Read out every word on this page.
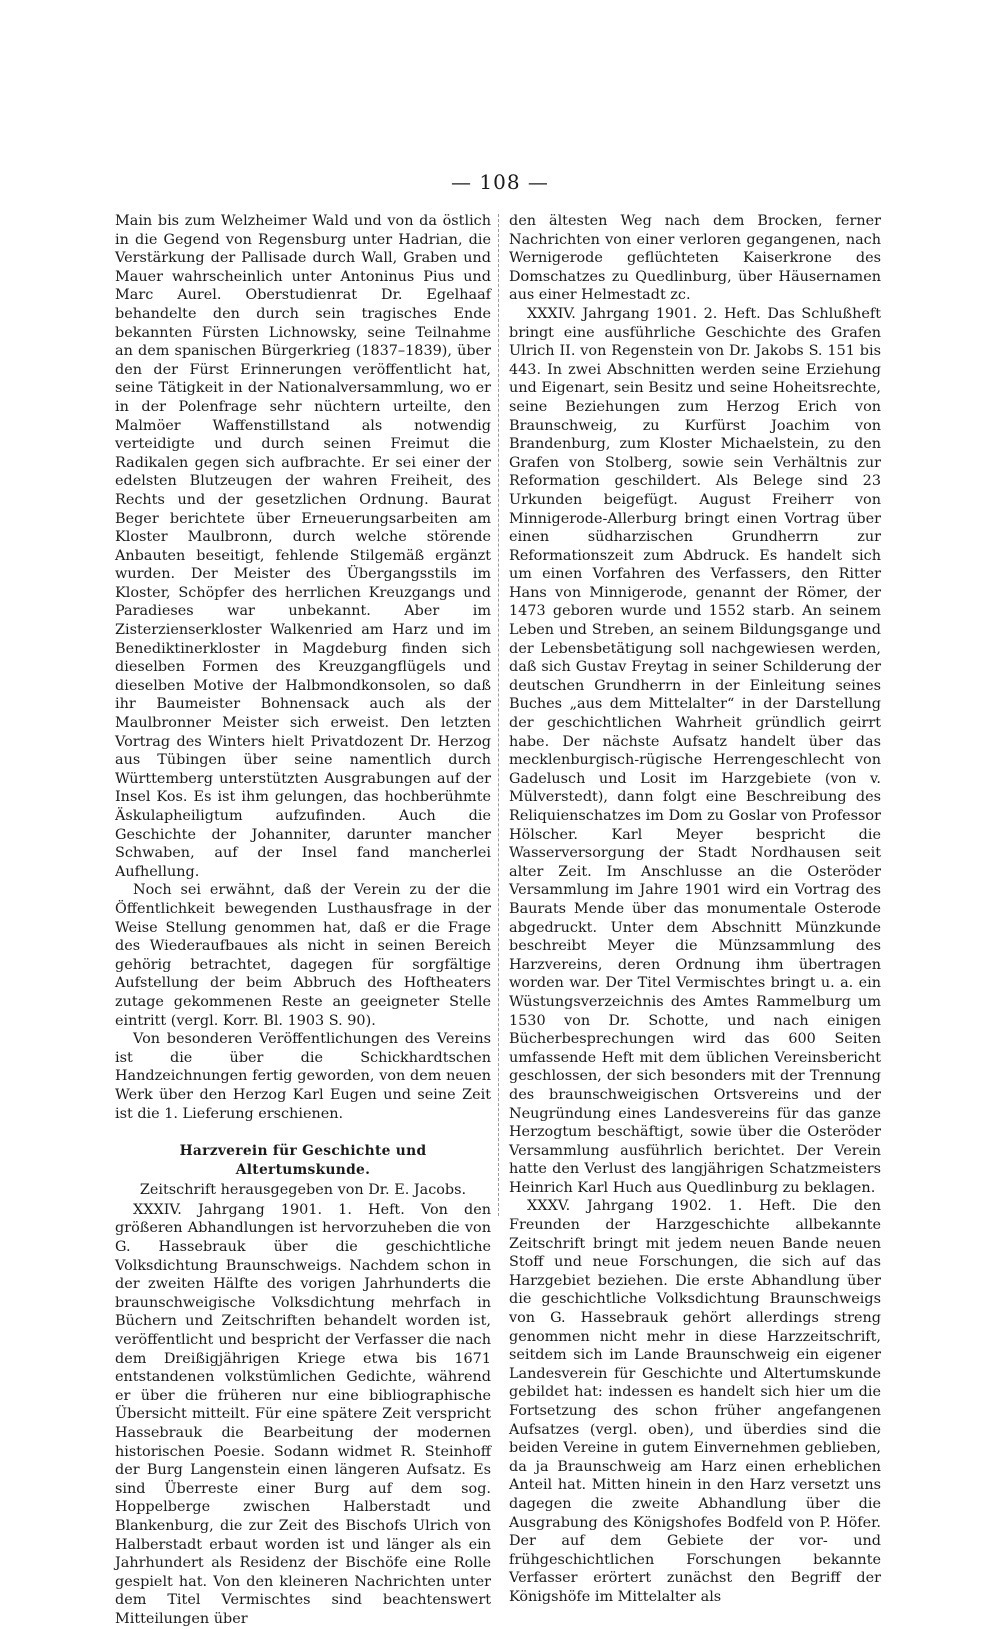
— 108 —

Main bis zum Welzheimer Wald und von da östlich in die Gegend von Regensburg unter Hadrian, die Verstärkung der Pallisade durch Wall, Graben und Mauer wahrscheinlich unter Antoninus Pius und Marc Aurel. Oberstudienrat Dr. Egelhaaf behandelte den durch sein tragisches Ende bekannten Fürsten Lichnowsky, seine Teilnahme an dem spanischen Bürgerkrieg (1837–1839), über den der Fürst Erinnerungen veröffentlicht hat, seine Tätigkeit in der Nationalversammlung, wo er in der Polenfrage sehr nüchtern urteilte, den Malmöer Waffenstillstand als notwendig verteidigte und durch seinen Freimut die Radikalen gegen sich aufbrachte. Er sei einer der edelsten Blutzeugen der wahren Freiheit, des Rechts und der gesetzlichen Ordnung. Baurat Beger berichtete über Erneuerungsarbeiten am Kloster Maulbronn, durch welche störende Anbauten beseitigt, fehlende Stilgemäß ergänzt wurden. Der Meister des Übergangsstils im Kloster, Schöpfer des herrlichen Kreuzgangs und Paradieses war unbekannt. Aber im Zisterzienserkloster Walkenried am Harz und im Benediktinerkloster in Magdeburg finden sich dieselben Formen des Kreuzgangflügels und dieselben Motive der Halbmondkonsolen, so daß ihr Baumeister Bohnensack auch als der Maulbronner Meister sich erweist. Den letzten Vortrag des Winters hielt Privatdozent Dr. Herzog aus Tübingen über seine namentlich durch Württemberg unterstützten Ausgrabungen auf der Insel Kos. Es ist ihm gelungen, das hochberühmte Äskulapheiligtum aufzufinden. Auch die Geschichte der Johanniter, darunter mancher Schwaben, auf der Insel fand mancherlei Aufhellung.

Noch sei erwähnt, daß der Verein zu der die Öffentlichkeit bewegenden Lusthausfrage in der Weise Stellung genommen hat, daß er die Frage des Wiederaufbaues als nicht in seinen Bereich gehörig betrachtet, dagegen für sorgfältige Aufstellung der beim Abbruch des Hoftheaters zutage gekommenen Reste an geeigneter Stelle eintritt (vergl. Korr. Bl. 1903 S. 90).

Von besonderen Veröffentlichungen des Vereins ist die über die Schickhardtschen Handzeichnungen fertig geworden, von dem neuen Werk über den Herzog Karl Eugen und seine Zeit ist die 1. Lieferung erschienen.

Harzverein für Geschichte und Altertumskunde.

Zeitschrift herausgegeben von Dr. E. Jacobs.

XXXIV. Jahrgang 1901. 1. Heft. Von den größeren Abhandlungen ist hervorzuheben die von G. Hassebrauk über die geschichtliche Volksdichtung Braunschweigs. Nachdem schon in der zweiten Hälfte des vorigen Jahrhunderts die braunschweigische Volksdichtung mehrfach in Büchern und Zeitschriften behandelt worden ist, veröffentlicht und bespricht der Verfasser die nach dem Dreißigjährigen Kriege etwa bis 1671 entstandenen volkstümlichen Gedichte, während er über die früheren nur eine bibliographische Übersicht mitteilt. Für eine spätere Zeit verspricht Hassebrauk die Bearbeitung der modernen historischen Poesie. Sodann widmet R. Steinhoff der Burg Langenstein einen längeren Aufsatz. Es sind Überreste einer Burg auf dem sog. Hoppelberge zwischen Halberstadt und Blankenburg, die zur Zeit des Bischofs Ulrich von Halberstadt erbaut worden ist und länger als ein Jahrhundert als Residenz der Bischöfe eine Rolle gespielt hat. Von den kleineren Nachrichten unter dem Titel Vermischtes sind beachtenswert Mitteilungen über

den ältesten Weg nach dem Brocken, ferner Nachrichten von einer verloren gegangenen, nach Wernigerode geflüchteten Kaiserkrone des Domschatzes zu Quedlinburg, über Häusernamen aus einer Helmestadt zc.

XXXIV. Jahrgang 1901. 2. Heft. Das Schlußheft bringt eine ausführliche Geschichte des Grafen Ulrich II. von Regenstein von Dr. Jakobs S. 151 bis 443. In zwei Abschnitten werden seine Erziehung und Eigenart, sein Besitz und seine Hoheitsrechte, seine Beziehungen zum Herzog Erich von Braunschweig, zu Kurfürst Joachim von Brandenburg, zum Kloster Michaelstein, zu den Grafen von Stolberg, sowie sein Verhältnis zur Reformation geschildert. Als Belege sind 23 Urkunden beigefügt. August Freiherr von Minnigerode-Allerburg bringt einen Vortrag über einen südharzischen Grundherrn zur Reformationszeit zum Abdruck. Es handelt sich um einen Vorfahren des Verfassers, den Ritter Hans von Minnigerode, genannt der Römer, der 1473 geboren wurde und 1552 starb. An seinem Leben und Streben, an seinem Bildungsgange und der Lebensbetätigung soll nachgewiesen werden, daß sich Gustav Freytag in seiner Schilderung der deutschen Grundherrn in der Einleitung seines Buches „aus dem Mittelalter“ in der Darstellung der geschichtlichen Wahrheit gründlich geirrt habe. Der nächste Aufsatz handelt über das mecklenburgisch-rügische Herrengeschlecht von Gadelusch und Losit im Harzgebiete (von v. Mülverstedt), dann folgt eine Beschreibung des Reliquienschatzes im Dom zu Goslar von Professor Hölscher. Karl Meyer bespricht die Wasserversorgung der Stadt Nordhausen seit alter Zeit. Im Anschlusse an die Osteröder Versammlung im Jahre 1901 wird ein Vortrag des Baurats Mende über das monumentale Osterode abgedruckt. Unter dem Abschnitt Münzkunde beschreibt Meyer die Münzsammlung des Harzvereins, deren Ordnung ihm übertragen worden war. Der Titel Vermischtes bringt u. a. ein Wüstungsverzeichnis des Amtes Rammelburg um 1530 von Dr. Schotte, und nach einigen Bücherbesprechungen wird das 600 Seiten umfassende Heft mit dem üblichen Vereinsbericht geschlossen, der sich besonders mit der Trennung des braunschweigischen Ortsvereins und der Neugründung eines Landesvereins für das ganze Herzogtum beschäftigt, sowie über die Osteröder Versammlung ausführlich berichtet. Der Verein hatte den Verlust des langjährigen Schatzmeisters Heinrich Karl Huch aus Quedlinburg zu beklagen.

XXXV. Jahrgang 1902. 1. Heft. Die den Freunden der Harzgeschichte allbekannte Zeitschrift bringt mit jedem neuen Bande neuen Stoff und neue Forschungen, die sich auf das Harzgebiet beziehen. Die erste Abhandlung über die geschichtliche Volksdichtung Braunschweigs von G. Hassebrauk gehört allerdings streng genommen nicht mehr in diese Harzzeitschrift, seitdem sich im Lande Braunschweig ein eigener Landesverein für Geschichte und Altertumskunde gebildet hat: indessen es handelt sich hier um die Fortsetzung des schon früher angefangenen Aufsatzes (vergl. oben), und überdies sind die beiden Vereine in gutem Einvernehmen geblieben, da ja Braunschweig am Harz einen erheblichen Anteil hat. Mitten hinein in den Harz versetzt uns dagegen die zweite Abhandlung über die Ausgrabung des Königshofes Bodfeld von P. Höfer. Der auf dem Gebiete der vor- und frühgeschichtlichen Forschungen bekannte Verfasser erörtert zunächst den Begriff der Königshöfe im Mittelalter als
